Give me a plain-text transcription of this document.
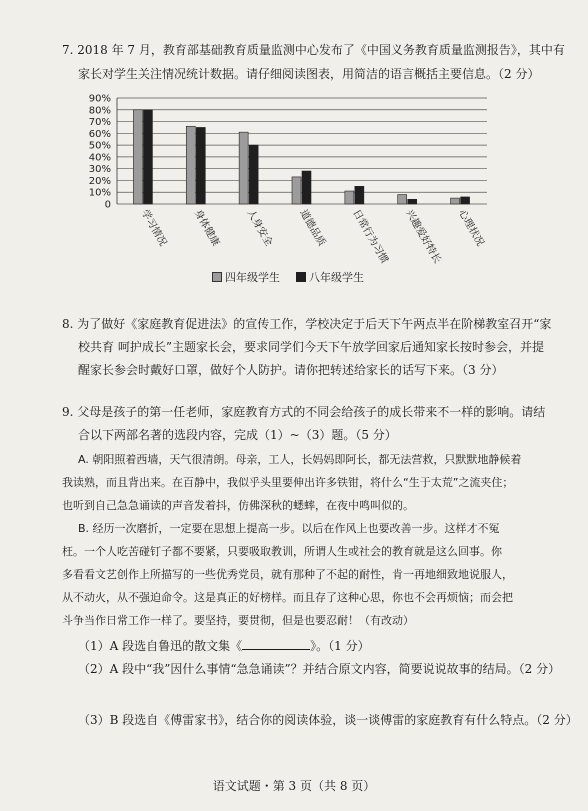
7. 2018 年 7 月，教育部基础教育质量监测中心发布了《中国义务教育质量监测报告》，其中有
家长对学生关注情况统计数据。请仔细阅读图表，用简洁的语言概括主要信息。（2 分）
0
10%
20%
30%
40%
50%
60%
70%
80%
90%
学习情况 身体健康 人身安全 道德品质 日常行为习惯 兴趣爱好特长 心理状况
四年级学生	八年级学生
8. 为了做好《家庭教育促进法》的宣传工作，学校决定于后天下午两点半在阶梯教室召开“家
校共育 呵护成长”主题家长会，要求同学们今天下午放学回家后通知家长按时参会，并提
醒家长参会时戴好口罩，做好个人防护。请你把转述给家长的话写下来。（3 分）
9. 父母是孩子的第一任老师，家庭教育方式的不同会给孩子的成长带来不一样的影响。请结
合以下两部名著的选段内容，完成（1）~（3）题。（5 分）
A. 朝阳照着西墙，天气很清朗。母亲，工人，长妈妈即阿长，都无法营救，只默默地静候着
我读熟，而且背出来。在百静中，我似乎头里要伸出许多铁钳，将什么“生于太荒”之流夹住；
也听到自己急急诵读的声音发着抖，仿佛深秋的蟋蟀，在夜中鸣叫似的。
B. 经历一次磨折，一定要在思想上提高一步。以后在作风上也要改善一步。这样才不冤
枉。一个人吃苦碰钉子都不要紧，只要吸取教训，所谓人生或社会的教育就是这么回事。你
多看看文艺创作上所描写的一些优秀党员，就有那种了不起的耐性，肯一再地细致地说服人，
从不动火，从不强迫命令。这是真正的好榜样。而且存了这种心思，你也不会再烦恼；而会把
斗争当作日常工作一样了。要坚持，要贯彻，但是也要忍耐！（有改动）
（1）A 段选自鲁迅的散文集《	》。（1 分）
（2）A 段中“我”因什么事情“急急诵读”？并结合原文内容，简要说说故事的结局。（2 分）
（3）B 段选自《傅雷家书》，结合你的阅读体验，谈一谈傅雷的家庭教育有什么特点。（2 分）
语文试题・第 3 页（共 8 页）
